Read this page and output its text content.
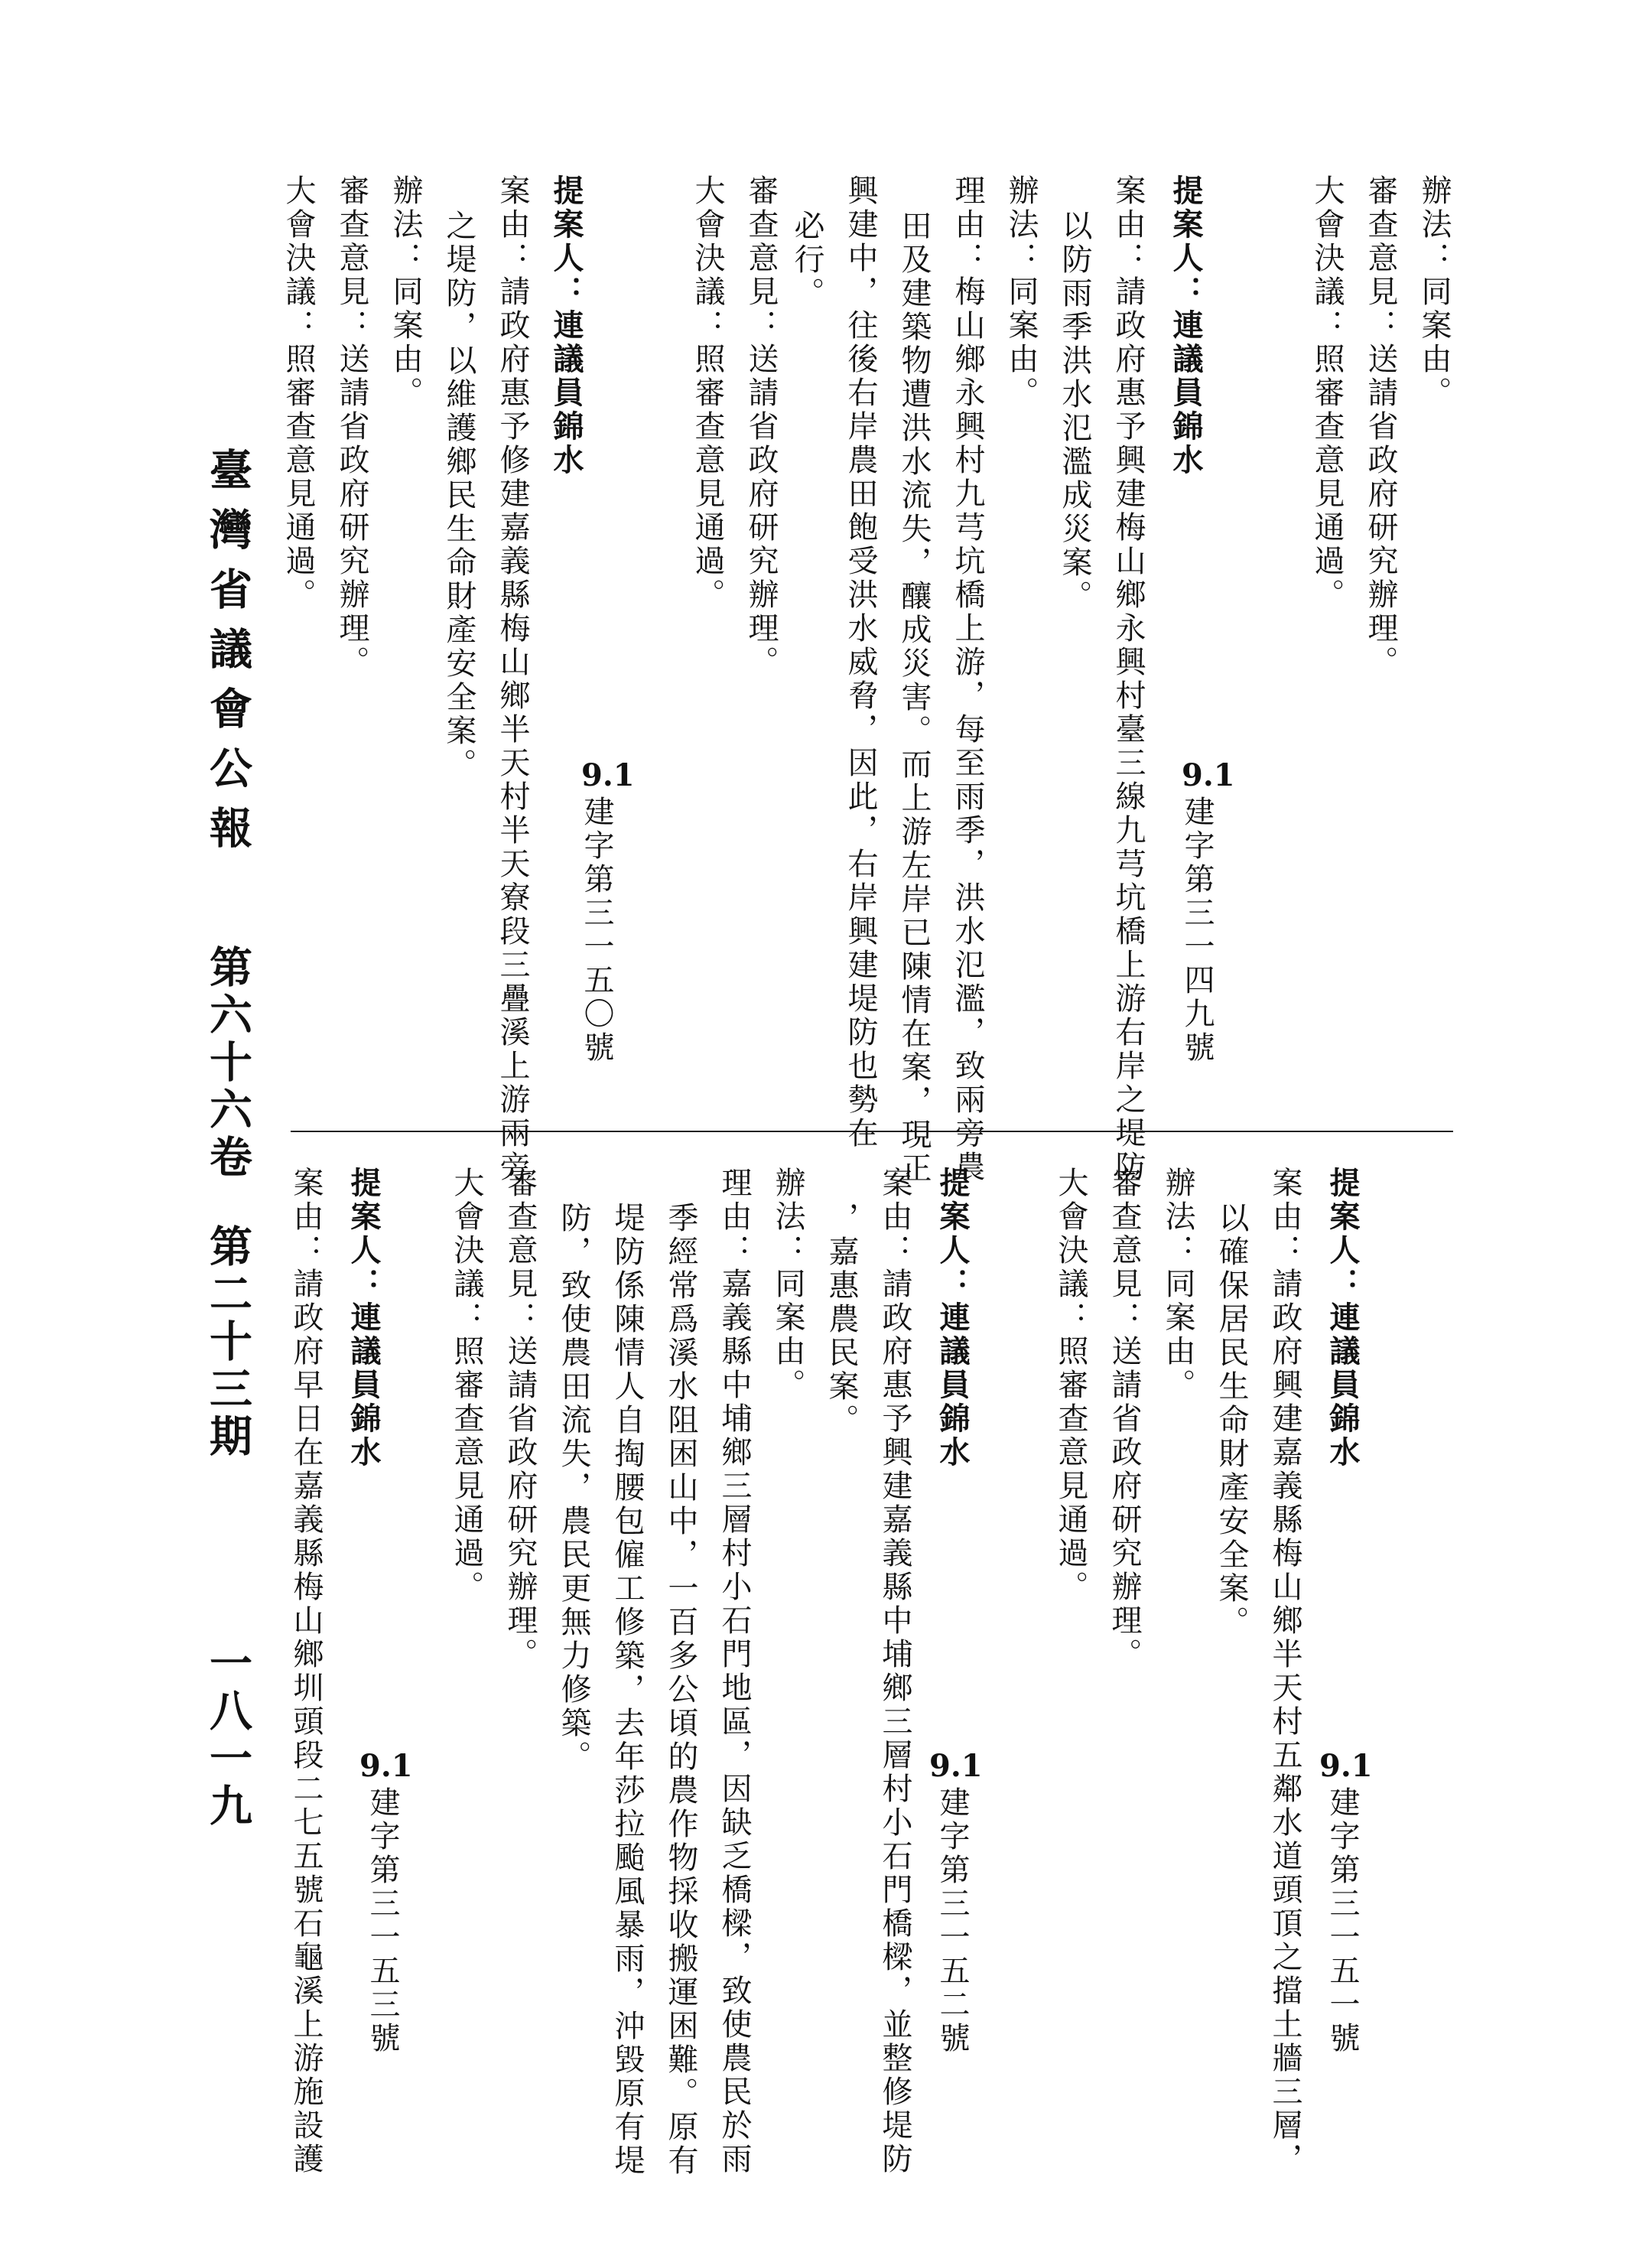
臺灣省議會公報
第六十六卷
第二十三期
一八一九
辦法：同案由。
審查意見：送請省政府研究辦理。
大會決議：照審查意見通過。
提案人：連議員錦水
案由：請政府惠予興建梅山鄉永興村臺三線九芎坑橋上游右岸之堤防
以防雨季洪水氾濫成災案。
辦法：同案由。
理由：梅山鄉永興村九芎坑橋上游，每至雨季，洪水氾濫，致兩旁農
田及建築物遭洪水流失，釀成災害。而上游左岸已陳情在案，現正
興建中，往後右岸農田飽受洪水威脅，因此，右岸興建堤防也勢在
必行。
審查意見：送請省政府研究辦理。
大會決議：照審查意見通過。
提案人：連議員錦水
案由：請政府惠予修建嘉義縣梅山鄉半天村半天寮段三疊溪上游兩旁
之堤防，以維護鄉民生命財產安全案。
辦法：同案由。
審查意見：送請省政府研究辦理。
大會決議：照審查意見通過。
提案人：連議員錦水
案由：請政府興建嘉義縣梅山鄉半天村五鄰水道頭頂之擋土牆三層，
以確保居民生命財產安全案。
辦法：同案由。
審查意見：送請省政府研究辦理。
大會決議：照審查意見通過。
提案人：連議員錦水
案由：請政府惠予興建嘉義縣中埔鄉三層村小石門橋樑，並整修堤防
，嘉惠農民案。
辦法：同案由。
理由：嘉義縣中埔鄉三層村小石門地區，因缺乏橋樑，致使農民於雨
季經常爲溪水阻困山中，一百多公頃的農作物採收搬運困難。原有
堤防係陳情人自掏腰包僱工修築，去年莎拉颱風暴雨，沖毀原有堤
防，致使農田流失，農民更無力修築。
審查意見：送請省政府研究辦理。
大會決議：照審查意見通過。
提案人：連議員錦水
案由：請政府早日在嘉義縣梅山鄉圳頭段二七五號石龜溪上游施設護
9.1
建字第三一四九號
9.1
建字第三一五〇號
9.1
建字第三一五一號
9.1
建字第三一五二號
9.1
建字第三一五三號
